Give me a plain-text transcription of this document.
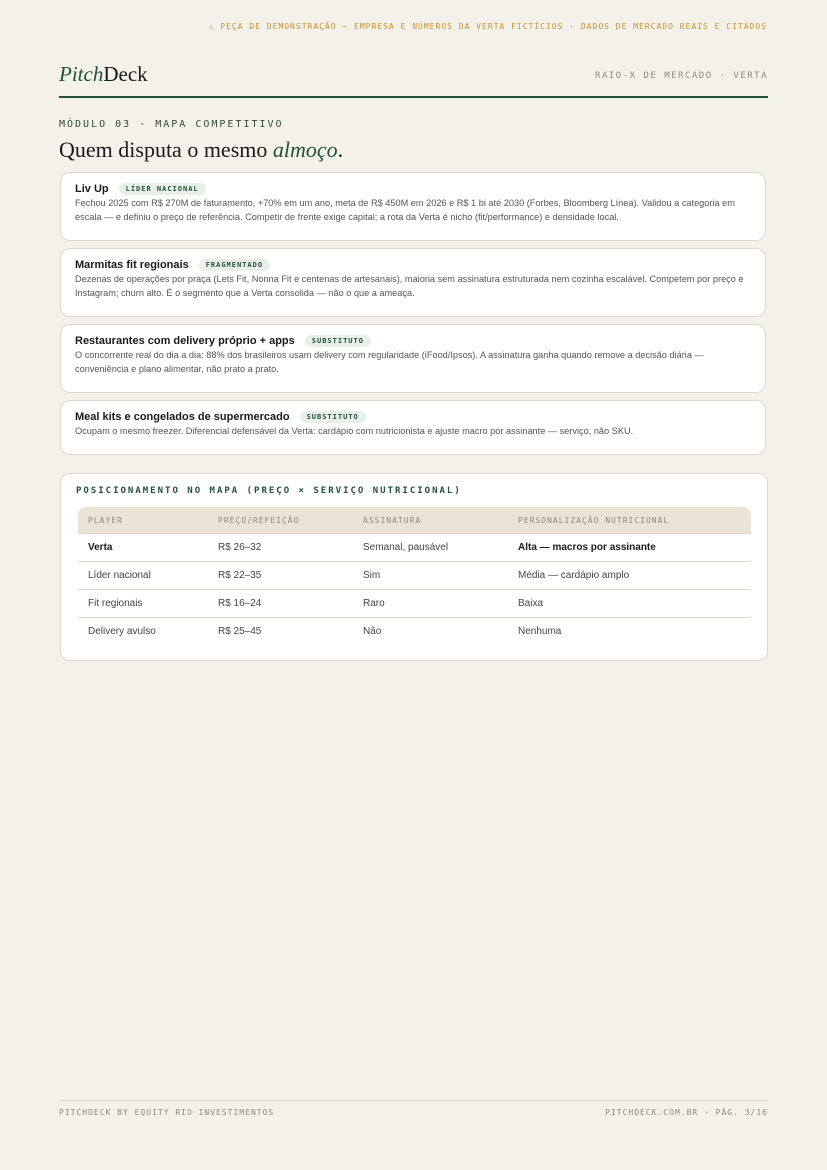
⚠ PEÇA DE DEMONSTRAÇÃO — EMPRESA E NÚMEROS DA VERTA FICTÍCIOS · DADOS DE MERCADO REAIS E CITADOS
PitchDeck	RAIO-X DE MERCADO · VERTA
MÓDULO 03 · MAPA COMPETITIVO
Quem disputa o mesmo almoço.
Liv Up	LÍDER NACIONAL
Fechou 2025 com R$ 270M de faturamento, +70% em um ano, meta de R$ 450M em 2026 e R$ 1 bi até 2030 (Forbes, Bloomberg Línea). Validou a categoria em escala — e definiu o preço de referência. Competir de frente exige capital; a rota da Verta é nicho (fit/performance) e densidade local.
Marmitas fit regionais	FRAGMENTADO
Dezenas de operações por praça (Lets Fit, Nonna Fit e centenas de artesanais), maioria sem assinatura estruturada nem cozinha escalável. Competem por preço e Instagram; churn alto. É o segmento que a Verta consolida — não o que a ameaça.
Restaurantes com delivery próprio + apps	SUBSTITUTO
O concorrente real do dia a dia: 88% dos brasileiros usam delivery com regularidade (iFood/Ipsos). A assinatura ganha quando remove a decisão diária — conveniência e plano alimentar, não prato a prato.
Meal kits e congelados de supermercado	SUBSTITUTO
Ocupam o mesmo freezer. Diferencial defensável da Verta: cardápio com nutricionista e ajuste macro por assinante — serviço, não SKU.
POSICIONAMENTO NO MAPA (PREÇO × SERVIÇO NUTRICIONAL)
PLAYER	PREÇO/REFEIÇÃO	ASSINATURA	PERSONALIZAÇÃO NUTRICIONAL
Verta	R$ 26–32	Semanal, pausável	Alta — macros por assinante
Líder nacional	R$ 22–35	Sim	Média — cardápio amplo
Fit regionais	R$ 16–24	Raro	Baixa
Delivery avulso	R$ 25–45	Não	Nenhuma
PITCHDECK BY EQUITY RIO INVESTIMENTOS	PITCHDECK.COM.BR · PÁG. 3/16
